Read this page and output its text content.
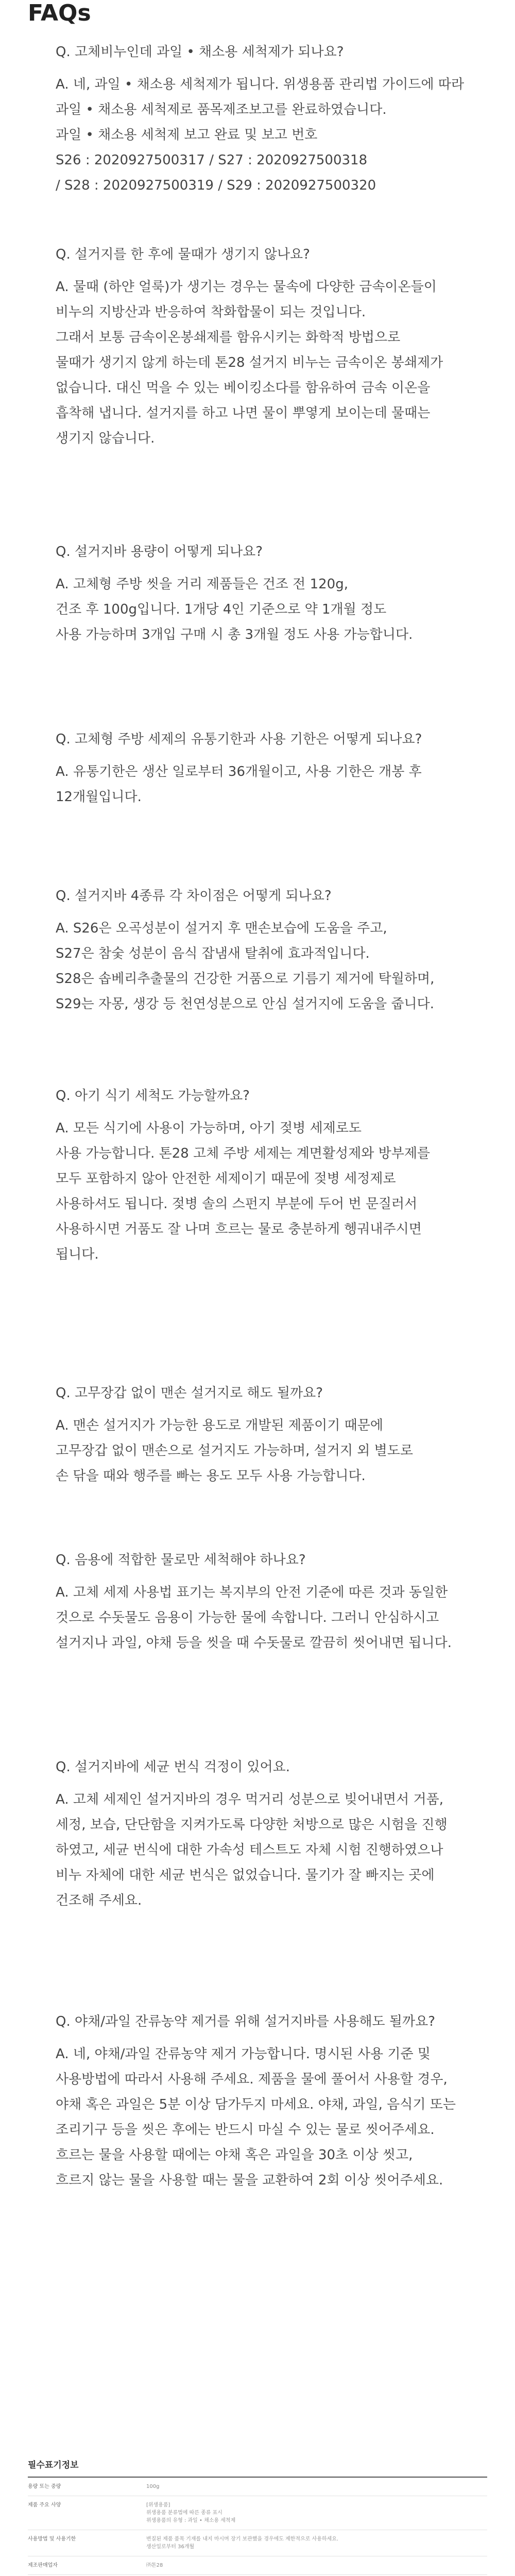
FAQs

Q. 고체비누인데 과일 • 채소용 세척제가 되나요?

A. 네, 과일 • 채소용 세척제가 됩니다. 위생용품 관리법 가이드에 따라

과일 • 채소용 세척제로 품목제조보고를 완료하였습니다.

과일 • 채소용 세척제 보고 완료 및 보고 번호

S26 : 2020927500317 / S27 : 2020927500318

/ S28 : 2020927500319 / S29 : 2020927500320

Q. 설거지를 한 후에 물때가 생기지 않나요?

A. 물때 (하얀 얼룩)가 생기는 경우는 물속에 다양한 금속이온들이

비누의 지방산과 반응하여 착화합물이 되는 것입니다.

그래서 보통 금속이온봉쇄제를 함유시키는 화학적 방법으로

물때가 생기지 않게 하는데 톤28 설거지 비누는 금속이온 봉쇄제가

없습니다. 대신 먹을 수 있는 베이킹소다를 함유하여 금속 이온을

흡착해 냅니다. 설거지를 하고 나면 물이 뿌옇게 보이는데 물때는

생기지 않습니다.

Q. 설거지바 용량이 어떻게 되나요?

A. 고체형 주방 씻을 거리 제품들은 건조 전 120g,

건조 후 100g입니다. 1개당 4인 기준으로 약 1개월 정도

사용 가능하며 3개입 구매 시 총 3개월 정도 사용 가능합니다.

Q. 고체형 주방 세제의 유통기한과 사용 기한은 어떻게 되나요?

A. 유통기한은 생산 일로부터 36개월이고, 사용 기한은 개봉 후

12개월입니다.

Q. 설거지바 4종류 각 차이점은 어떻게 되나요?

A. S26은 오곡성분이 설거지 후 맨손보습에 도움을 주고,

S27은 참숯 성분이 음식 잡냄새 탈취에 효과적입니다.

S28은 솝베리추출물의 건강한 거품으로 기름기 제거에 탁월하며,

S29는 자몽, 생강 등 천연성분으로 안심 설거지에 도움을 줍니다.

Q. 아기 식기 세척도 가능할까요?

A. 모든 식기에 사용이 가능하며, 아기 젖병 세제로도

사용 가능합니다. 톤28 고체 주방 세제는 계면활성제와 방부제를

모두 포함하지 않아 안전한 세제이기 때문에 젖병 세정제로

사용하셔도 됩니다. 젖병 솔의 스펀지 부분에 두어 번 문질러서

사용하시면 거품도 잘 나며 흐르는 물로 충분하게 헹궈내주시면

됩니다.

Q. 고무장갑 없이 맨손 설거지로 해도 될까요?

A. 맨손 설거지가 가능한 용도로 개발된 제품이기 때문에

고무장갑 없이 맨손으로 설거지도 가능하며, 설거지 외 별도로

손 닦을 때와 행주를 빠는 용도 모두 사용 가능합니다.

Q. 음용에 적합한 물로만 세척해야 하나요?

A. 고체 세제 사용법 표기는 복지부의 안전 기준에 따른 것과 동일한

것으로 수돗물도 음용이 가능한 물에 속합니다. 그러니 안심하시고

설거지나 과일, 야채 등을 씻을 때 수돗물로 깔끔히 씻어내면 됩니다.

Q. 설거지바에 세균 번식 걱정이 있어요.

A. 고체 세제인 설거지바의 경우 먹거리 성분으로 빚어내면서 거품,

세정, 보습, 단단함을 지켜가도록 다양한 처방으로 많은 시험을 진행

하였고, 세균 번식에 대한 가속성 테스트도 자체 시험 진행하였으나

비누 자체에 대한 세균 번식은 없었습니다. 물기가 잘 빠지는 곳에

건조해 주세요.

Q. 야채/과일 잔류농약 제거를 위해 설거지바를 사용해도 될까요?

A. 네, 야채/과일 잔류농약 제거 가능합니다. 명시된 사용 기준 및

사용방법에 따라서 사용해 주세요. 제품을 물에 풀어서 사용할 경우,

야채 혹은 과일은 5분 이상 담가두지 마세요. 야채, 과일, 음식기 또는

조리기구 등을 씻은 후에는 반드시 마실 수 있는 물로 씻어주세요.

흐르는 물을 사용할 때에는 야채 혹은 과일을 30초 이상 씻고,

흐르지 않는 물을 사용할 때는 물을 교환하여 2회 이상 씻어주세요.

필수표기정보
용량 또는 중량	100g
제품 주요 사양	[위생용품]
위생용품 분류법에 따른 종류 표시
위생용품의 유형 : 과일 • 채소용 세척제
사용방법 및 사용기한	변질된 제품 품목 기재를 내지 마시며 장기 보관했을 경우에도 제한적으로 사용하세요.
생산일로부터 36개월
제조판매업자	㈜톤28
